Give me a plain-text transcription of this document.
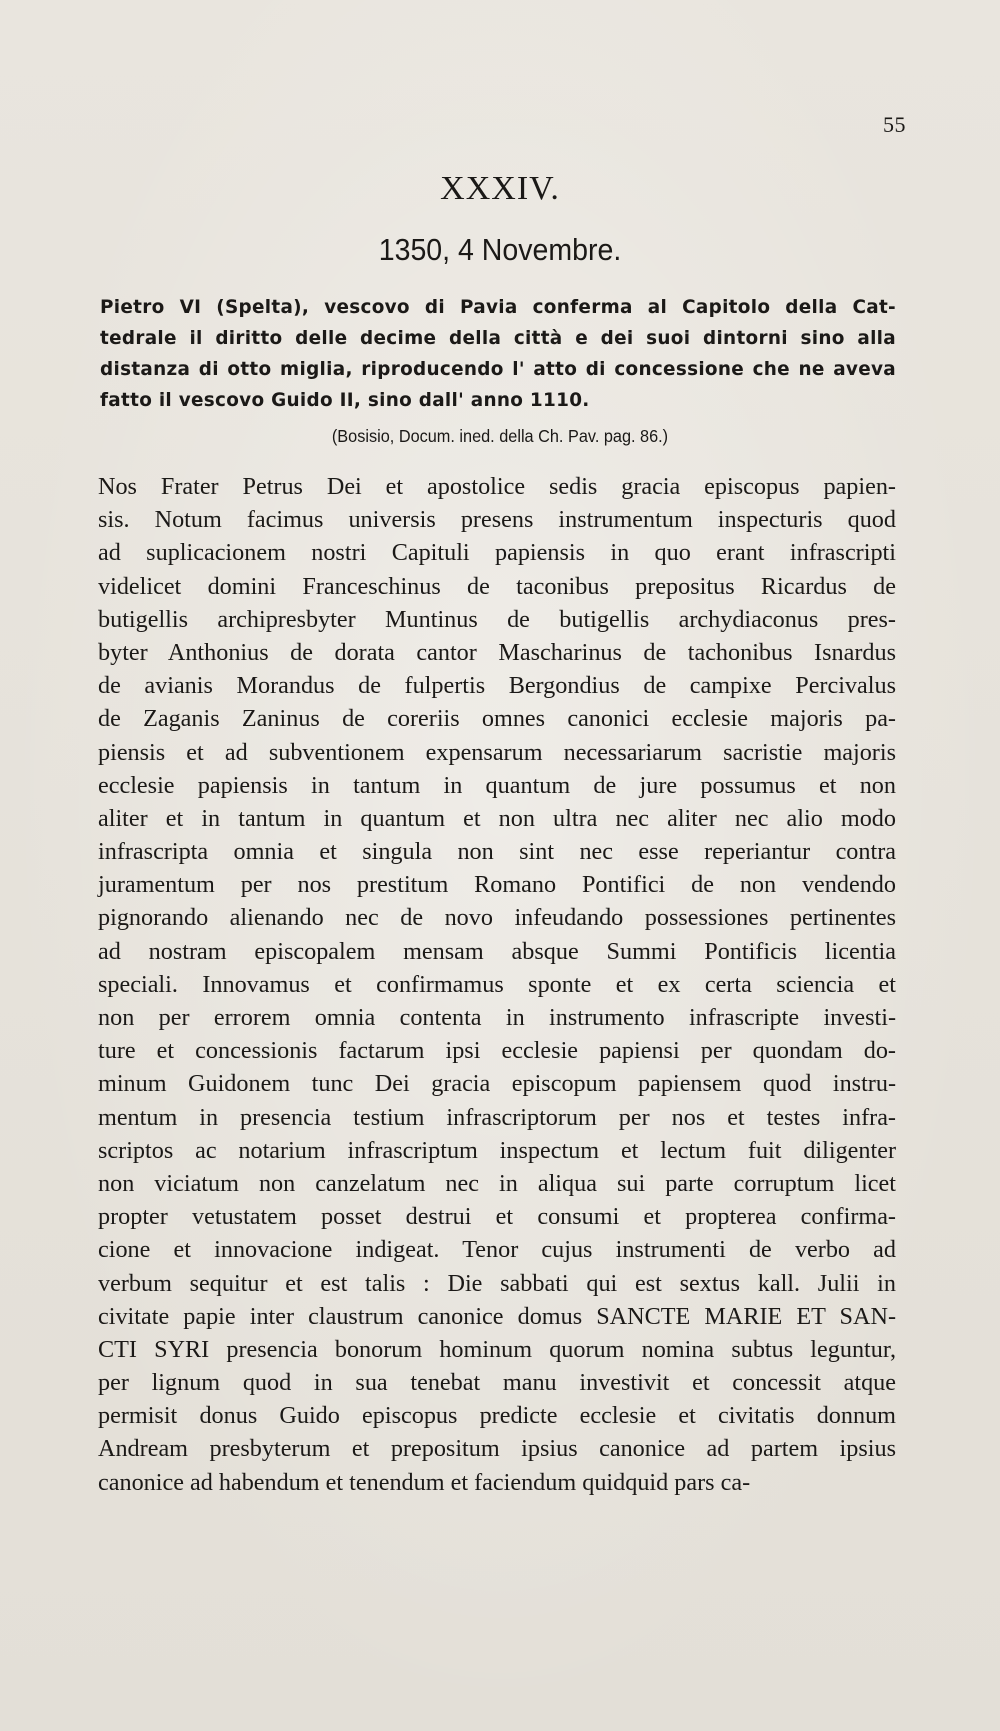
55
XXXIV.
1350, 4 Novembre.
Pietro VI (Spelta), vescovo di Pavia conferma al Capitolo della Cat-
tedrale il diritto delle decime della città e dei suoi dintorni sino alla
distanza di otto miglia, riproducendo l' atto di concessione che ne aveva
fatto il vescovo Guido II, sino dall' anno 1110.
(Bosisio, Docum. ined. della Ch. Pav. pag. 86.)
Nos Frater Petrus Dei et apostolice sedis gracia episcopus papien-
sis. Notum facimus universis presens instrumentum inspecturis quod
ad suplicacionem nostri Capituli papiensis in quo erant infrascripti
videlicet domini Franceschinus de taconibus prepositus Ricardus de
butigellis archipresbyter Muntinus de butigellis archydiaconus pres-
byter Anthonius de dorata cantor Mascharinus de tachonibus Isnardus
de avianis Morandus de fulpertis Bergondius de campixe Percivalus
de Zaganis Zaninus de coreriis omnes canonici ecclesie majoris pa-
piensis et ad subventionem expensarum necessariarum sacristie majoris
ecclesie papiensis in tantum in quantum de jure possumus et non
aliter et in tantum in quantum et non ultra nec aliter nec alio modo
infrascripta omnia et singula non sint nec esse reperiantur contra
juramentum per nos prestitum Romano Pontifici de non vendendo
pignorando alienando nec de novo infeudando possessiones pertinentes
ad nostram episcopalem mensam absque Summi Pontificis licentia
speciali. Innovamus et confirmamus sponte et ex certa sciencia et
non per errorem omnia contenta in instrumento infrascripte investi-
ture et concessionis factarum ipsi ecclesie papiensi per quondam do-
minum Guidonem tunc Dei gracia episcopum papiensem quod instru-
mentum in presencia testium infrascriptorum per nos et testes infra-
scriptos ac notarium infrascriptum inspectum et lectum fuit diligenter
non viciatum non canzelatum nec in aliqua sui parte corruptum licet
propter vetustatem posset destrui et consumi et propterea confirma-
cione et innovacione indigeat. Tenor cujus instrumenti de verbo ad
verbum sequitur et est talis : Die sabbati qui est sextus kall. Julii in
civitate papie inter claustrum canonice domus SANCTE MARIE ET SAN-
CTI SYRI presencia bonorum hominum quorum nomina subtus leguntur,
per lignum quod in sua tenebat manu investivit et concessit atque
permisit donus Guido episcopus predicte ecclesie et civitatis donnum
Andream presbyterum et prepositum ipsius canonice ad partem ipsius
canonice ad habendum et tenendum et faciendum quidquid pars ca-
